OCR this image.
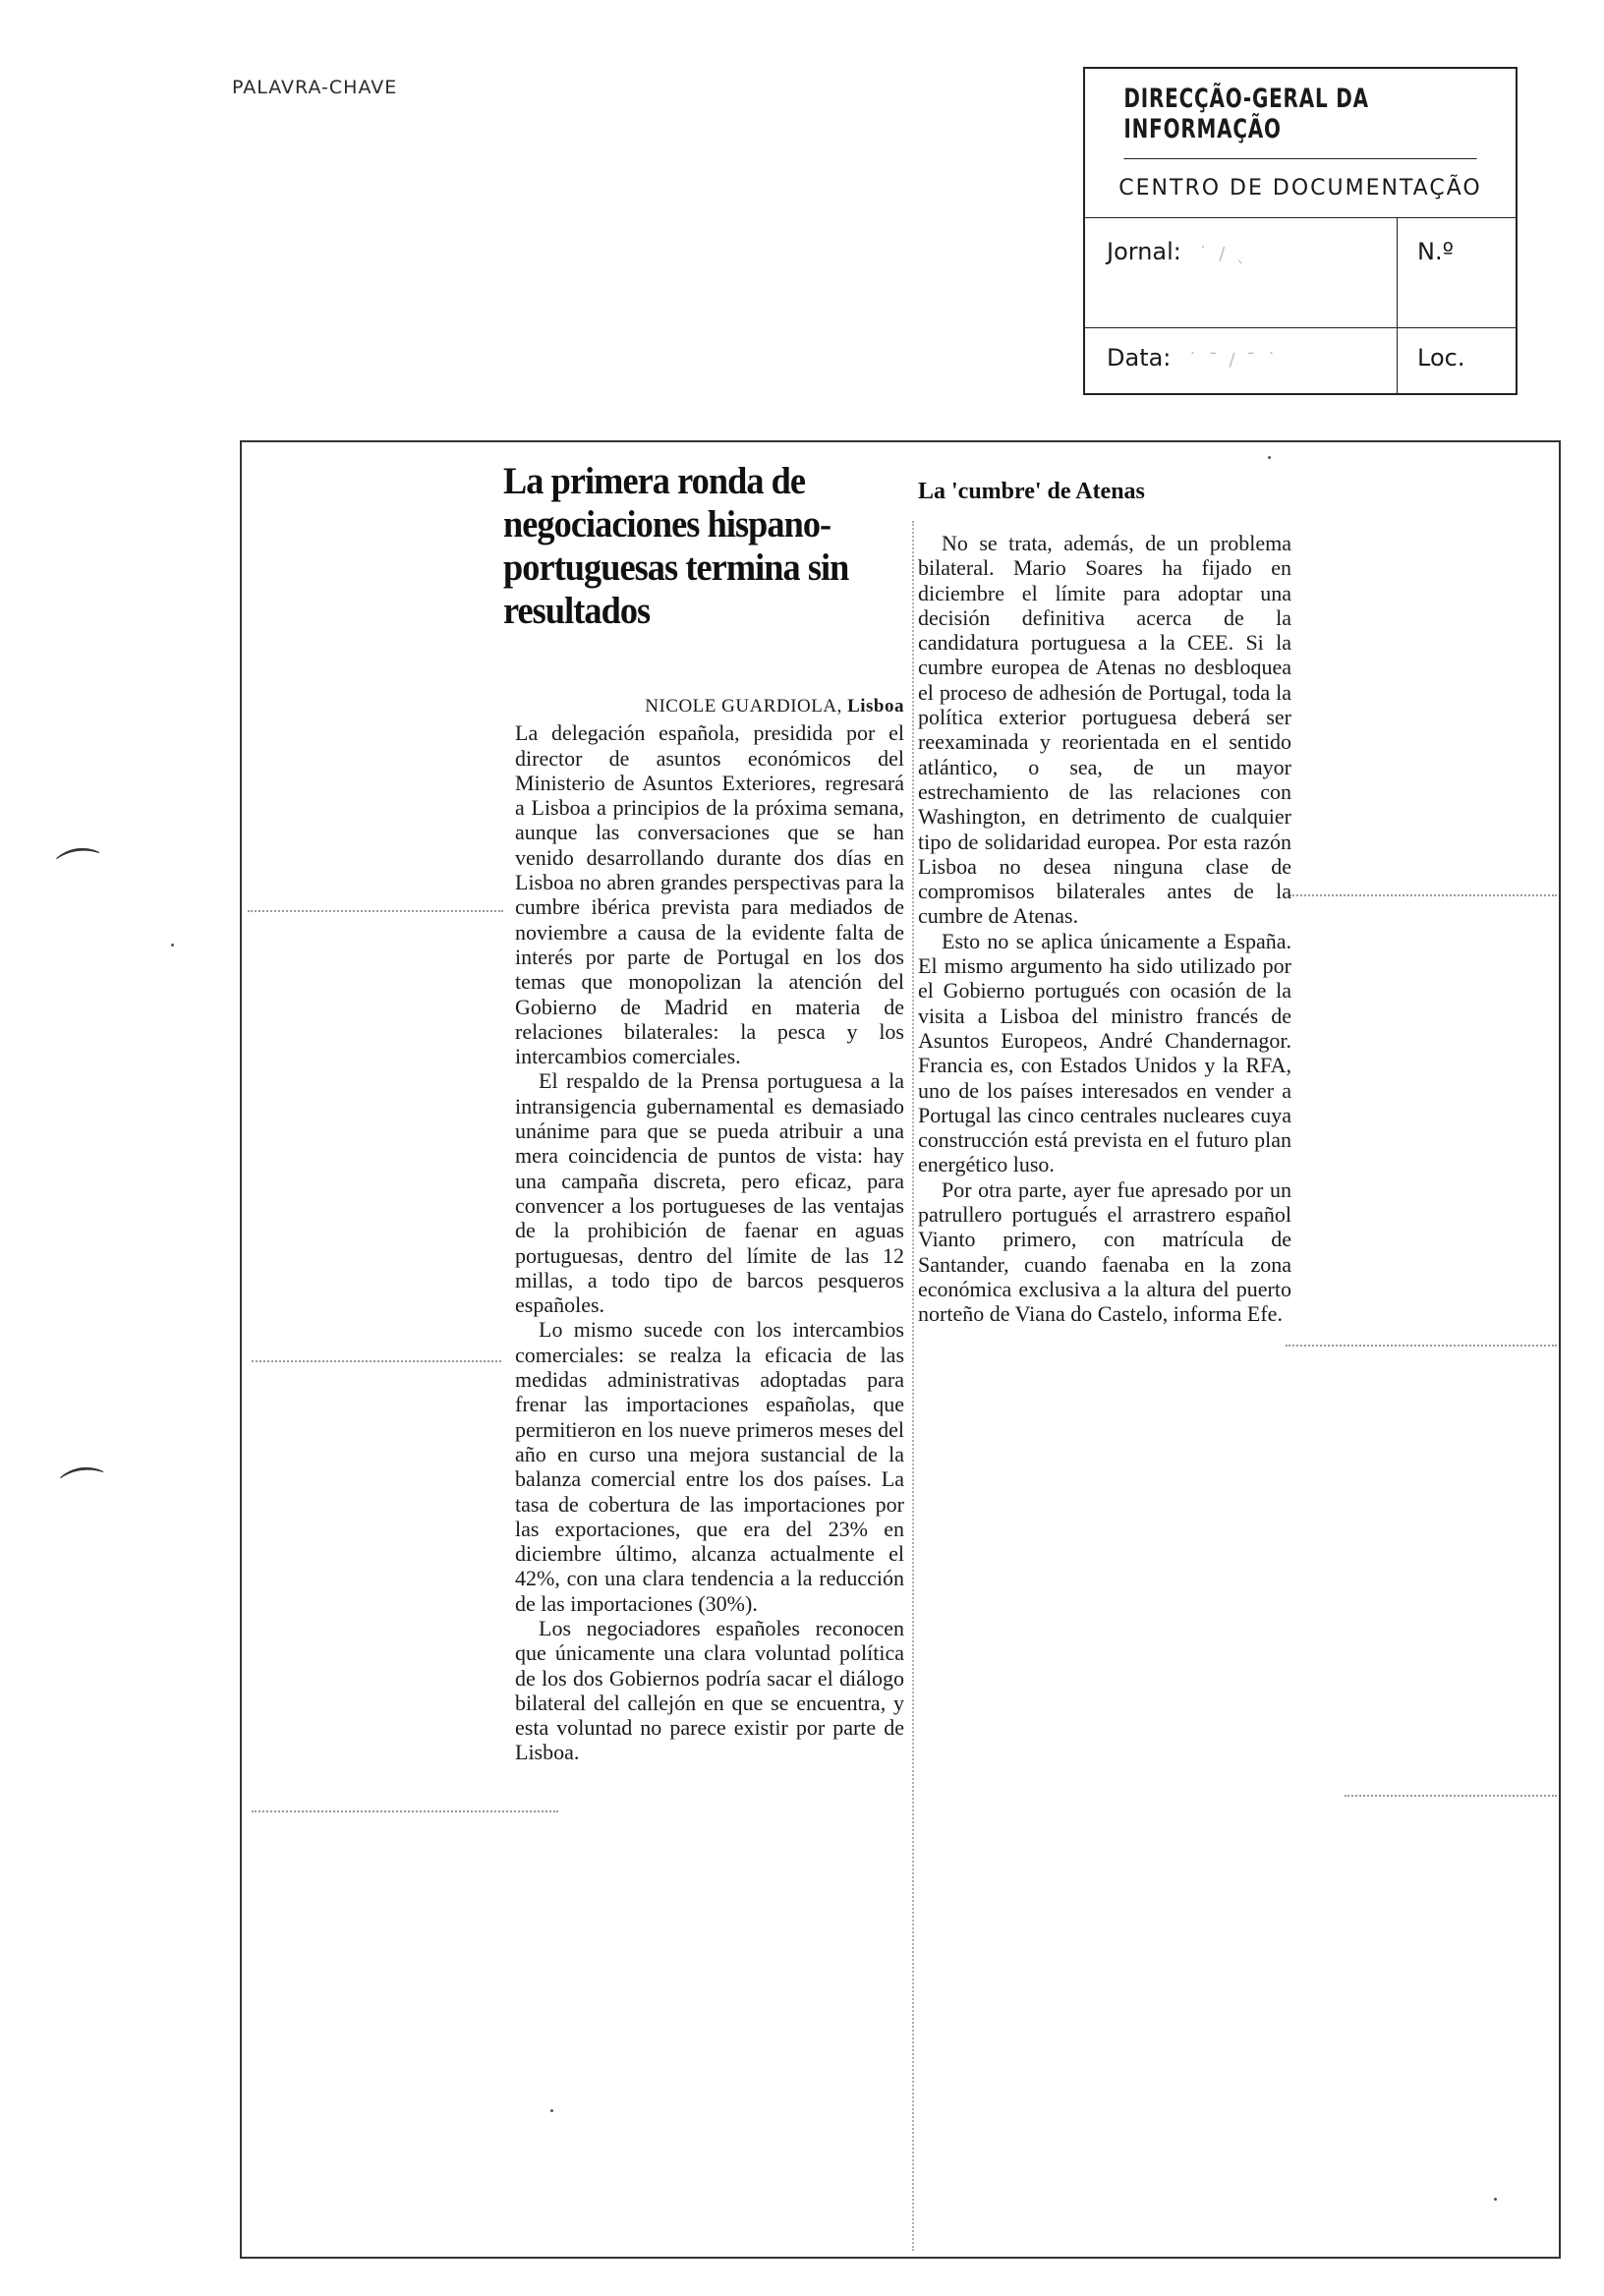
PALAVRA-CHAVE	DIRECÇÃO-GERAL DA INFORMAÇÃO
CENTRO DE DOCUMENTAÇÃO
Jornal: ˙ ∕ ˎ	N.º
Data: ˙ ˉ ∕ ˉ ˙	Loc.
⌒
⌒
La primera ronda de negociaciones hispano-portuguesas termina sin resultados
NICOLE GUARDIOLA, Lisboa

La delegación española, presidida por el director de asuntos económicos del Ministerio de Asuntos Exteriores, regresará a Lisboa a principios de la próxima semana, aunque las conversaciones que se han venido desarrollando durante dos días en Lisboa no abren grandes perspectivas para la cumbre ibérica prevista para mediados de noviembre a causa de la evidente falta de interés por parte de Portugal en los dos temas que monopolizan la atención del Gobierno de Madrid en materia de relaciones bilaterales: la pesca y los intercambios comerciales.

El respaldo de la Prensa portuguesa a la intransigencia gubernamental es demasiado unánime para que se pueda atribuir a una mera coincidencia de puntos de vista: hay una campaña discreta, pero eficaz, para convencer a los portugueses de las ventajas de la prohibición de faenar en aguas portuguesas, dentro del límite de las 12 millas, a todo tipo de barcos pesqueros españoles.

Lo mismo sucede con los intercambios comerciales: se realza la eficacia de las medidas administrativas adoptadas para frenar las importaciones españolas, que permitieron en los nueve primeros meses del año en curso una mejora sustancial de la balanza comercial entre los dos países. La tasa de cobertura de las importaciones por las exportaciones, que era del 23% en diciembre último, alcanza actualmente el 42%, con una clara tendencia a la reducción de las importaciones (30%).

Los negociadores españoles reconocen que únicamente una clara voluntad política de los dos Gobiernos podría sacar el diálogo bilateral del callejón en que se encuentra, y esta voluntad no parece existir por parte de Lisboa.

La 'cumbre' de Atenas

No se trata, además, de un problema bilateral. Mario Soares ha fijado en diciembre el límite para adoptar una decisión definitiva acerca de la candidatura portuguesa a la CEE. Si la cumbre europea de Atenas no desbloquea el proceso de adhesión de Portugal, toda la política exterior portuguesa deberá ser reexaminada y reorientada en el sentido atlántico, o sea, de un mayor estrechamiento de las relaciones con Washington, en detrimento de cualquier tipo de solidaridad europea. Por esta razón Lisboa no desea ninguna clase de compromisos bilaterales antes de la cumbre de Atenas.

Esto no se aplica únicamente a España. El mismo argumento ha sido utilizado por el Gobierno portugués con ocasión de la visita a Lisboa del ministro francés de Asuntos Europeos, André Chandernagor. Francia es, con Estados Unidos y la RFA, uno de los países interesados en vender a Portugal las cinco centrales nucleares cuya construcción está prevista en el futuro plan energético luso.

Por otra parte, ayer fue apresado por un patrullero portugués el arrastrero español Vianto primero, con matrícula de Santander, cuando faenaba en la zona económica exclusiva a la altura del puerto norteño de Viana do Castelo, informa Efe.
